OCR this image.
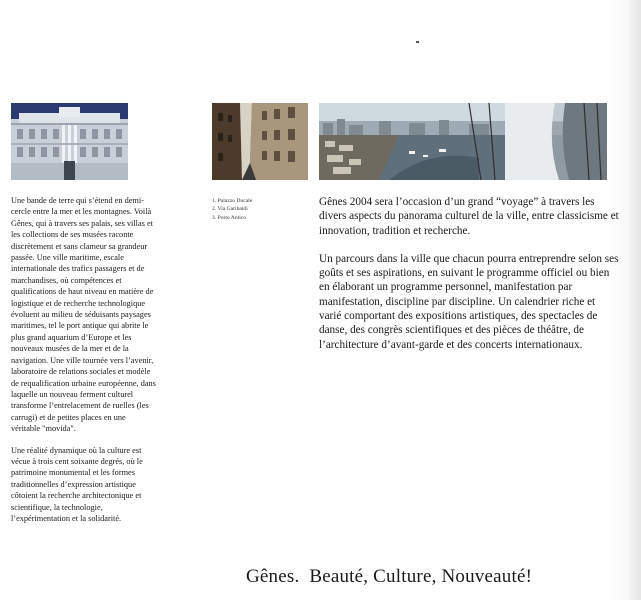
1. Palazzo Ducale
2. Via Garibaldi
3. Porto Antico

Une bande de terre qui s’étend en demi-cercle entre la mer et les montagnes. Voilà Gênes, qui à travers ses palais, ses villas et les collections de ses musées raconte discrètement et sans clameur sa grandeur passée. Une ville maritime, escale internationale des trafics passagers et de marchandises, où compétences et qualifications de haut niveau en matière de logistique et de recherche technologique évoluent au milieu de séduisants paysages maritimes, tel le port antique qui abrite le plus grand aquarium d’Europe et les nouveaux musées de la mer et de la navigation. Une ville tournée vers l’avenir, laboratoire de relations sociales et modèle de requalification urbaine européenne, dans laquelle un nouveau ferment culturel transforme l’entrelacement de ruelles (les carrugi) et de petites places en une véritable "movida".

Une réalité dynamique où la culture est vécue à trois cent soixante degrés, où le patrimoine monumental et les formes traditionnelles d’expression artistique côtoient la recherche architectonique et scientifique, la technologie, l’expérimentation et la solidarité.

Gênes 2004 sera l’occasion d’un grand “voyage” à travers les divers aspects du panorama culturel de la ville, entre classicisme et innovation, tradition et recherche.

Un parcours dans la ville que chacun pourra entreprendre selon ses goûts et ses aspirations, en suivant le programme officiel ou bien en élaborant un programme personnel, manifestation par manifestation, discipline par discipline. Un calendrier riche et varié comportant des expositions artistiques, des spectacles de danse, des congrès scientifiques et des pièces de théâtre, de l’architecture d’avant-garde et des concerts internationaux.

Gênes.  Beauté, Culture, Nouveauté!
